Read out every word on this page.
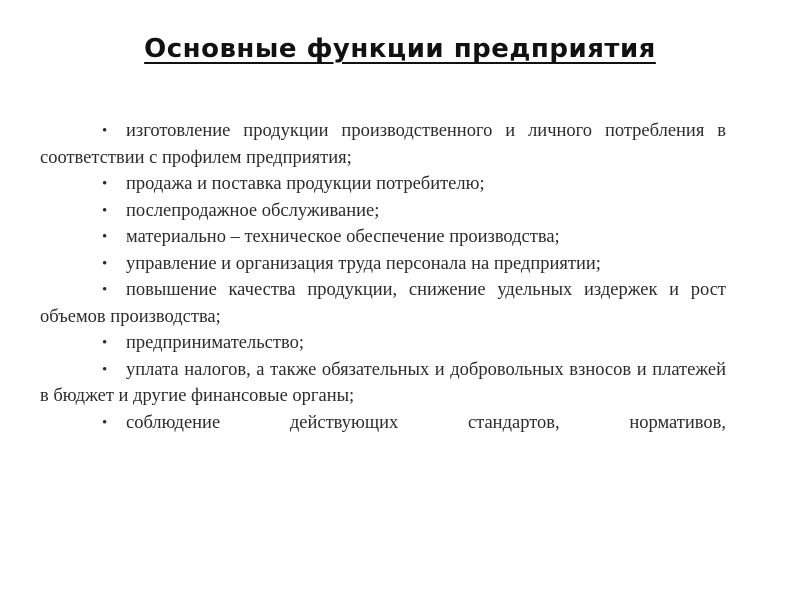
Основные функции предприятия

• изготовление продукции производственного и личного потребления в соответствии с профилем предприятия;

• продажа и поставка продукции потребителю;

• послепродажное обслуживание;

• материально – техническое обеспечение производства;

• управление и организация труда персонала на предприятии;

• повышение качества продукции, снижение удельных издержек и рост объемов производства;

• предпринимательство;

• уплата налогов, а также обязательных и добровольных взносов и платежей в бюджет и другие финансовые органы;

• соблюдение действующих стандартов, нормативов,
